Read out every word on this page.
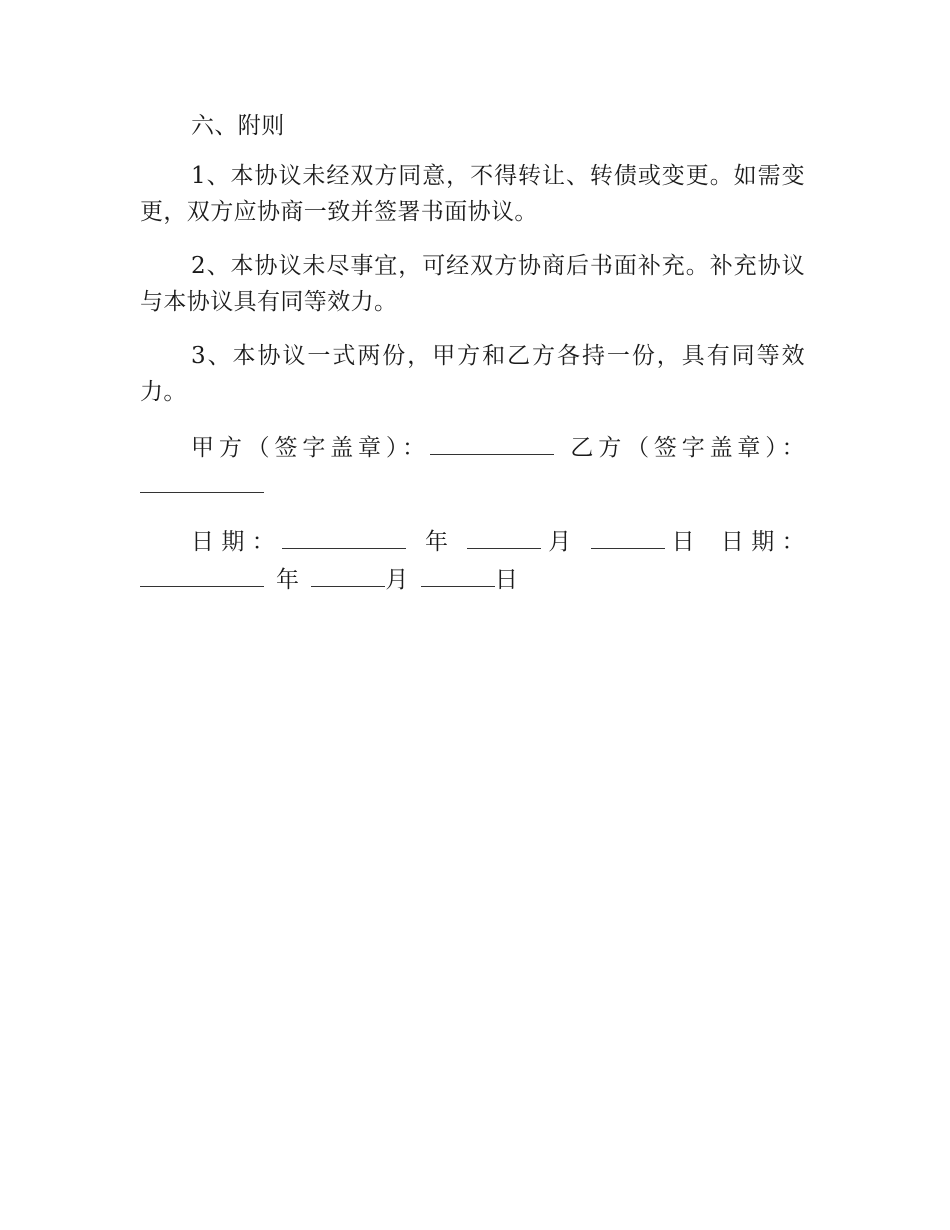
六、附则

1、本协议未经双方同意，不得转让、转债或变更。如需变更，双方应协商一致并签署书面协议。

2、本协议未尽事宜，可经双方协商后书面补充。补充协议与本协议具有同等效力。

3、本协议一式两份，甲方和乙方各持一份，具有同等效力。

甲方（签字盖章）：	乙方（签字盖章）：

日期：	年	月	日 日期：年	月	日
